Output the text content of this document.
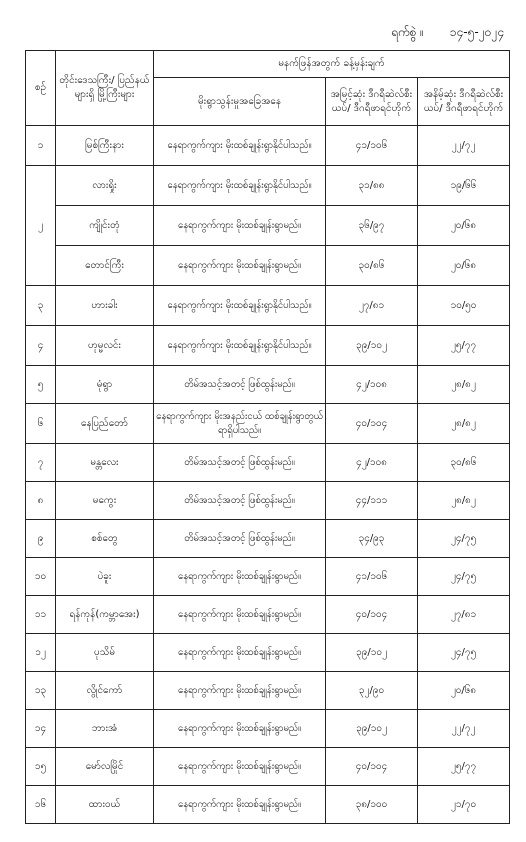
ရက်စွဲ ။ ၁၄-၅-၂၀၂၄
စဉ်	တိုင်းဒေသကြီး/ ပြည်နယ်များရှိ မြို့ကြီးများ	မနက်ဖြန်အတွက် ခန့်မှန်းချက်		
		မိုးရွာသွန်းမှုအခြေအနေ	အမြင့်ဆုံး ဒီဂရီဆဲလ်စီးယပ်/ ဒီဂရီဖာရင်ဟိုက်	အနိမ့်ဆုံး ဒီဂရီဆဲလ်စီးယပ်/ ဒီဂရီဖာရင်ဟိုက်
၁	မြစ်ကြီးနား	နေရာကွက်ကျား မိုးထစ်ချုန်းရွာနိုင်ပါသည်။	၄၁/၁၀၆	၂၂/၇၂
၂	လားရှိုး	နေရာကွက်ကျား မိုးထစ်ချုန်းရွာနိုင်ပါသည်။	၃၁/၈၈	၁၉/၆၆
	ကျိုင်းတုံ	နေရာကွက်ကျား မိုးထစ်ချုန်းရွာမည်။	၃၆/၉၇	၂၀/၆၈
	တောင်ကြီး	နေရာကွက်ကျား မိုးထစ်ချုန်းရွာမည်။	၃၀/၈၆	၂၀/၆၈
၃	ဟားခါး	နေရာကွက်ကျား မိုးထစ်ချုန်းရွာနိုင်ပါသည်။	၂၇/၈၁	၁၀/၅၀
၄	ဟုမ္မလင်း	နေရာကွက်ကျား မိုးထစ်ချုန်းရွာနိုင်ပါသည်။	၃၉/၁၀၂	၂၅/၇၇
၅	မုံရွာ	တိမ်အသင့်အတင့် ဖြစ်ထွန်းမည်။	၄၂/၁၀၈	၂၈/၈၂
၆	နေပြည်တော်	နေရာကွက်ကျား မိုးအနည်းငယ် ထစ်ချုန်းရွာတွယ်ရာရှိပါသည်။	၄၀/၁၀၄	၂၈/၈၂
၇	မန္တလေး	တိမ်အသင့်အတင့် ဖြစ်ထွန်းမည်။	၄၂/၁၀၈	၃၀/၈၆
၈	မကွေး	တိမ်အသင့်အတင့် ဖြစ်ထွန်းမည်။	၄၄/၁၁၁	၂၈/၈၂
၉	စစ်တွေ	တိမ်အသင့်အတင့် ဖြစ်ထွန်းမည်။	၃၄/၉၃	၂၄/၇၅
၁၀	ပဲခူး	နေရာကွက်ကျား မိုးထစ်ချုန်းရွာမည်။	၄၁/၁၀၆	၂၄/၇၅
၁၁	ရန်ကုန်(ကမ္ဘာအေး)	နေရာကွက်ကျား မိုးထစ်ချုန်းရွာမည်။	၄၀/၁၀၄	၂၇/၈၁
၁၂	ပုသိမ်	နေရာကွက်ကျား မိုးထစ်ချုန်းရွာမည်။	၃၉/၁၀၂	၂၄/၇၅
၁၃	လွိုင်ကော်	နေရာကွက်ကျား မိုးထစ်ချုန်းရွာမည်။	၃၂/၉၀	၂၀/၆၈
၁၄	ဘားအံ	နေရာကွက်ကျား မိုးထစ်ချုန်းရွာမည်။	၃၉/၁၀၂	၂၂/၇၂
၁၅	မော်လမြိုင်	နေရာကွက်ကျား မိုးထစ်ချုန်းရွာမည်။	၄၀/၁၀၄	၂၅/၇၇
၁၆	ထားဝယ်	နေရာကွက်ကျား မိုးထစ်ချုန်းရွာမည်။	၃၈/၁၀၀	၂၁/၇၀
